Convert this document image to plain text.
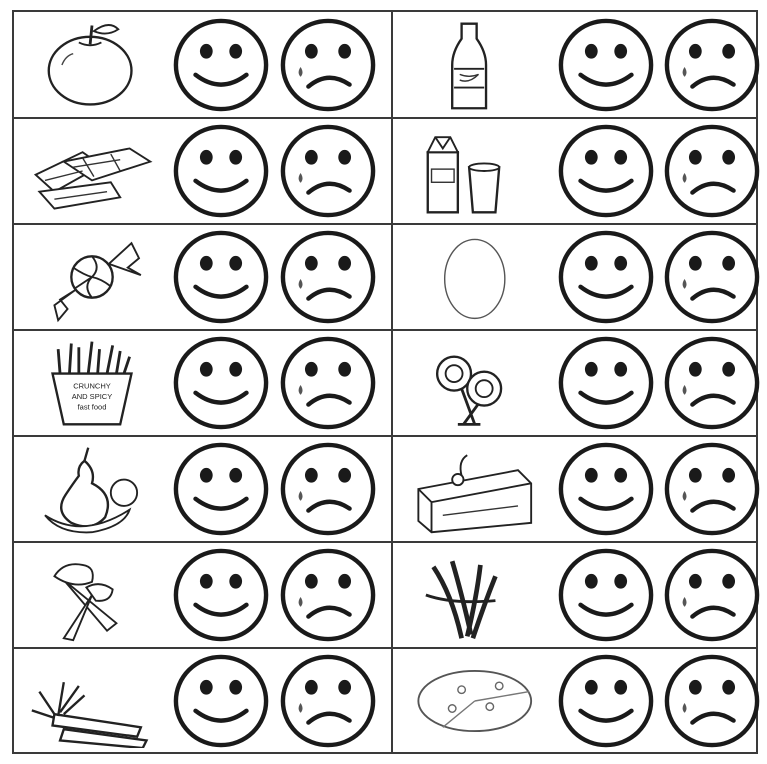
CRUNCHY
AND SPICY
fast food
